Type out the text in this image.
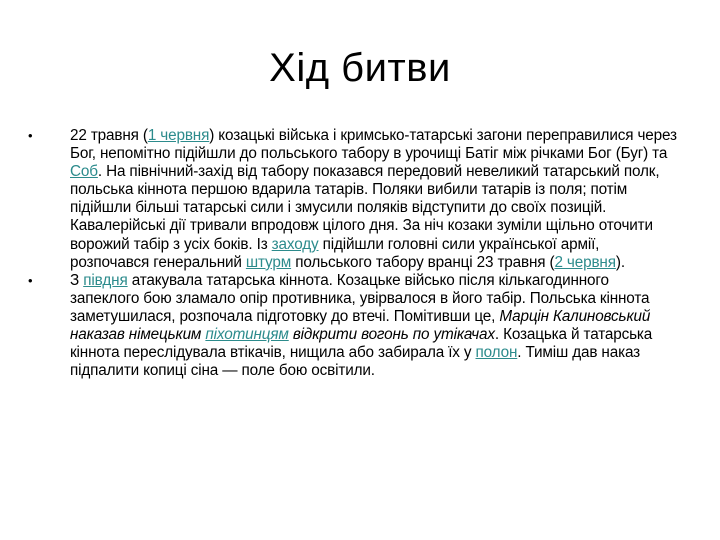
Хід битви
•	22 травня (1 червня) козацькі війська і кримсько-татарські загони переправилися через Бог, непомітно підійшли до польського табору в урочищі Батіг між річками Бог (Буг) та Соб. На північний-захід від табору показався передовий невеликий татарський полк, польська кіннота першою вдарила татарів. Поляки вибили татарів із поля; потім підійшли більші татарські сили і змусили поляків відступити до своїх позицій. Кавалерійські дії тривали впродовж цілого дня. За ніч козаки зуміли щільно оточити ворожий табір з усіх боків. Із заходу підійшли головні сили української армії, розпочався генеральний штурм польського табору вранці 23 травня (2 червня).
•	З півдня атакувала татарська кіннота. Козацьке військо після кількагодинного запеклого бою зламало опір противника, увірвалося в його табір. Польська кіннота заметушилася, розпочала підготовку до втечі. Помітивши це, Марцін Калиновський наказав німецьким піхотинцям відкрити вогонь по утікачах. Козацька й татарська кіннота переслідувала втікачів, нищила або забирала їх у полон. Тиміш дав наказ підпалити копиці сіна — поле бою освітили.
